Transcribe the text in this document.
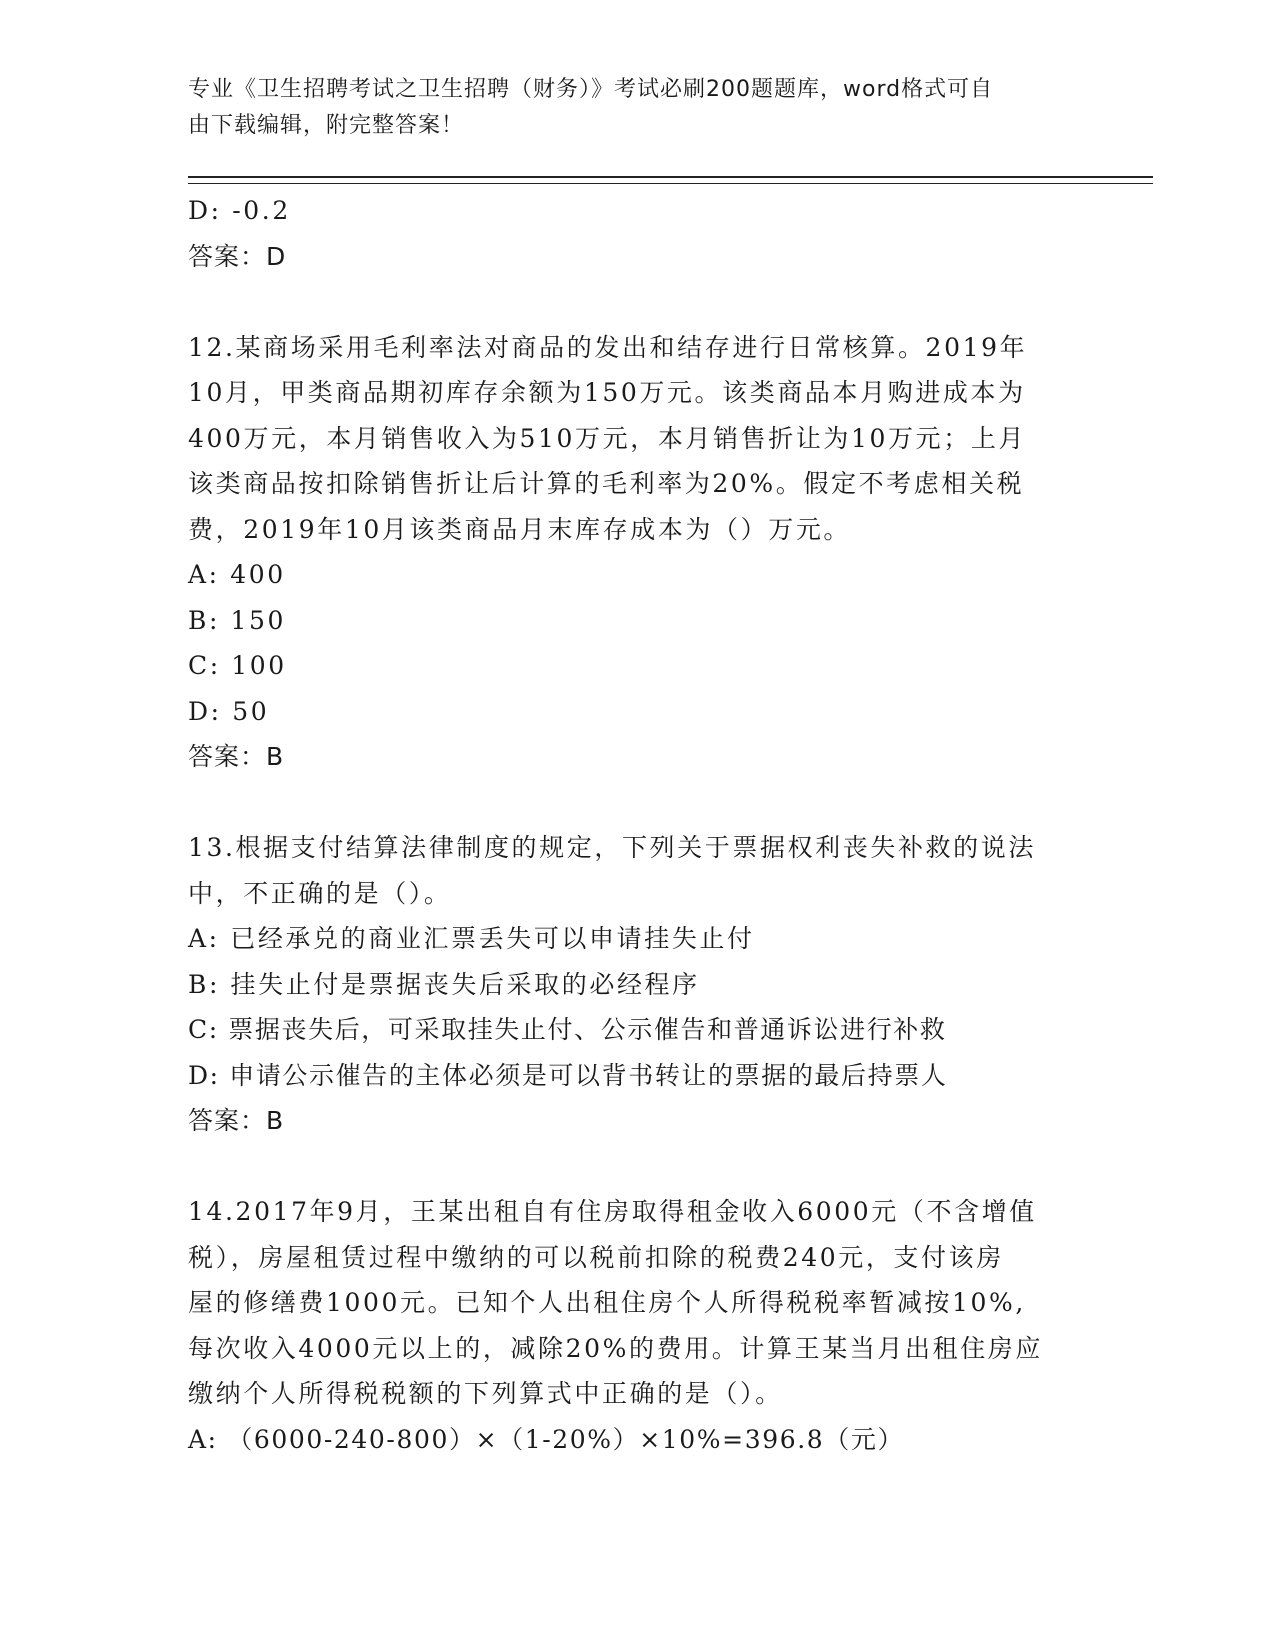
专业《卫生招聘考试之卫生招聘（财务）》考试必刷200题题库，word格式可自
由下载编辑，附完整答案！
D: -0.2
答案：D
12.某商场采用毛利率法对商品的发出和结存进行日常核算。2019年
10月，甲类商品期初库存余额为150万元。该类商品本月购进成本为
400万元，本月销售收入为510万元，本月销售折让为10万元；上月
该类商品按扣除销售折让后计算的毛利率为20%。假定不考虑相关税
费，2019年10月该类商品月末库存成本为（）万元。
A: 400
B: 150
C: 100
D: 50
答案：B
13.根据支付结算法律制度的规定，下列关于票据权利丧失补救的说法
中，不正确的是（）。
A: 已经承兑的商业汇票丢失可以申请挂失止付
B: 挂失止付是票据丧失后采取的必经程序
C: 票据丧失后，可采取挂失止付、公示催告和普通诉讼进行补救
D: 申请公示催告的主体必须是可以背书转让的票据的最后持票人
答案：B
14.2017年9月，王某出租自有住房取得租金收入6000元（不含增值
税），房屋租赁过程中缴纳的可以税前扣除的税费240元，支付该房
屋的修缮费1000元。已知个人出租住房个人所得税税率暂减按10%,
每次收入4000元以上的，减除20%的费用。计算王某当月出租住房应
缴纳个人所得税税额的下列算式中正确的是（）。
A: （6000-240-800）×（1-20%）×10%=396.8（元）
